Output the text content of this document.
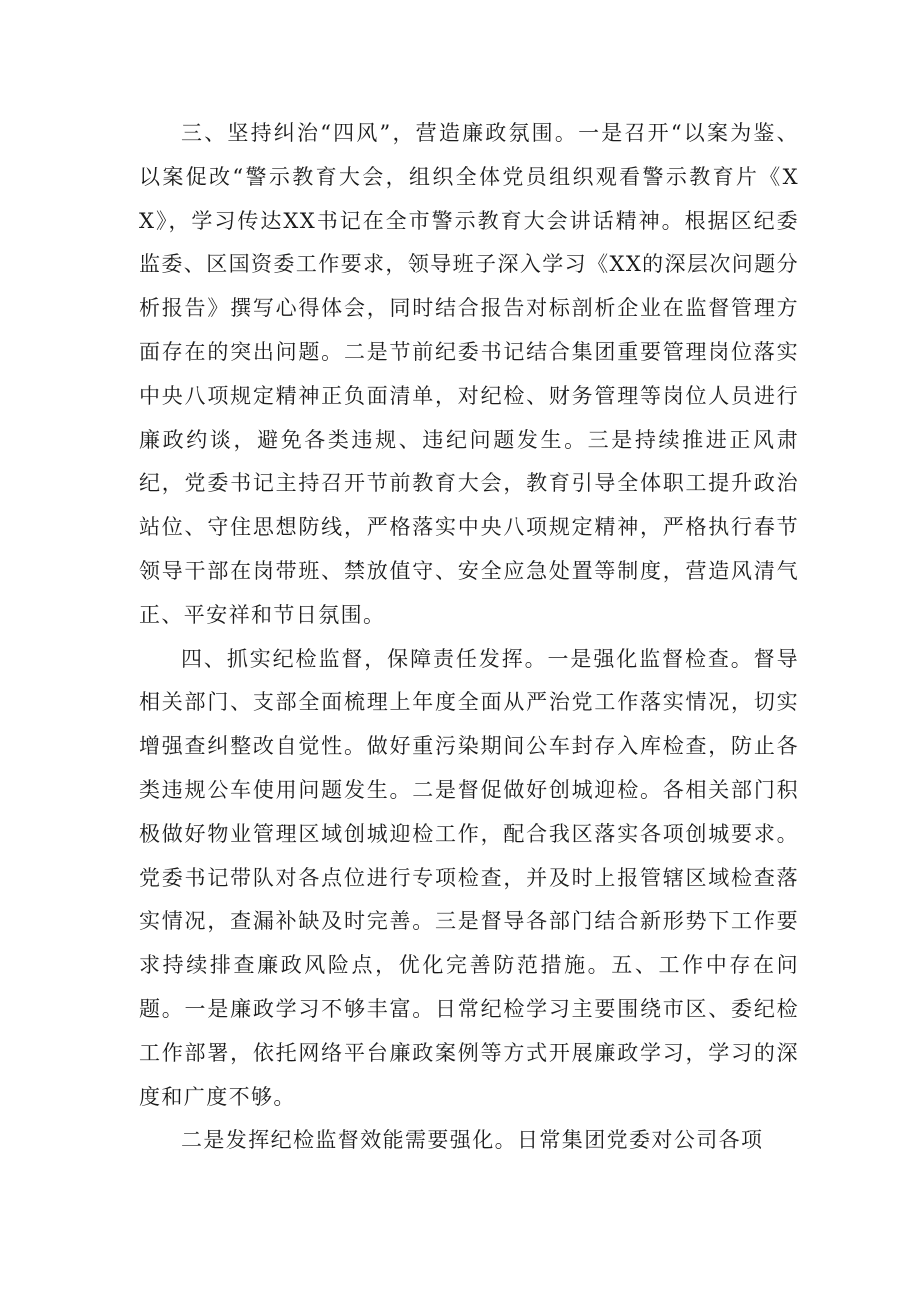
三、坚持纠治“四风”，营造廉政氛围。一是召开“以案为鉴、以案促改“警示教育大会，组织全体党员组织观看警示教育片《XX》，学习传达XX书记在全市警示教育大会讲话精神。根据区纪委监委、区国资委工作要求，领导班子深入学习《XX的深层次问题分析报告》撰写心得体会，同时结合报告对标剖析企业在监督管理方面存在的突出问题。二是节前纪委书记结合集团重要管理岗位落实中央八项规定精神正负面清单，对纪检、财务管理等岗位人员进行廉政约谈，避免各类违规、违纪问题发生。三是持续推进正风肃纪，党委书记主持召开节前教育大会，教育引导全体职工提升政治站位、守住思想防线，严格落实中央八项规定精神，严格执行春节领导干部在岗带班、禁放值守、安全应急处置等制度，营造风清气正、平安祥和节日氛围。

四、抓实纪检监督，保障责任发挥。一是强化监督检查。督导相关部门、支部全面梳理上年度全面从严治党工作落实情况，切实增强查纠整改自觉性。做好重污染期间公车封存入库检查，防止各类违规公车使用问题发生。二是督促做好创城迎检。各相关部门积极做好物业管理区域创城迎检工作，配合我区落实各项创城要求。党委书记带队对各点位进行专项检查，并及时上报管辖区域检查落实情况，查漏补缺及时完善。三是督导各部门结合新形势下工作要求持续排查廉政风险点，优化完善防范措施。五、工作中存在问题。一是廉政学习不够丰富。日常纪检学习主要围绕市区、委纪检工作部署，依托网络平台廉政案例等方式开展廉政学习，学习的深度和广度不够。

二是发挥纪检监督效能需要强化。日常集团党委对公司各项
